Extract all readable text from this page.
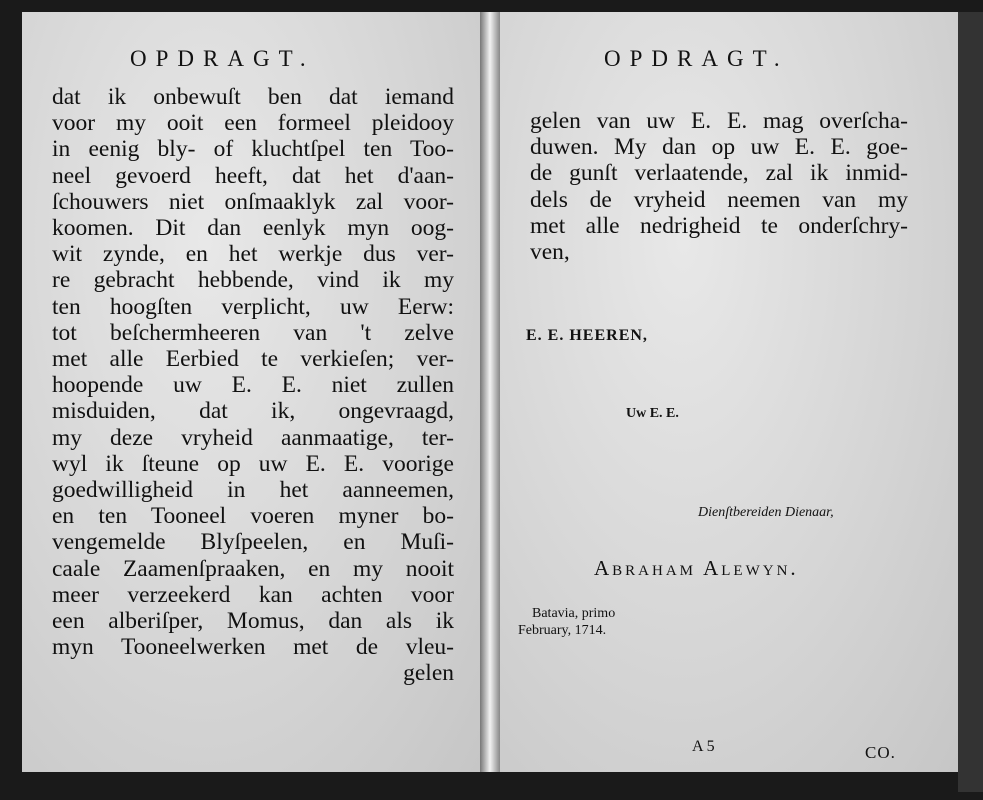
OPDRAGT.
dat ik onbewuſt ben dat iemand
voor my ooit een formeel pleidooy
in eenig bly- of kluchtſpel ten Too-
neel gevoerd heeft, dat het d'aan-
ſchouwers niet onſmaaklyk zal voor-
koomen. Dit dan eenlyk myn oog-
wit zynde, en het werkje dus ver-
re gebracht hebbende, vind ik my
ten hoogſten verplicht, uw Eerw:
tot beſchermheeren van 't zelve
met alle Eerbied te verkieſen; ver-
hoopende uw E. E. niet zullen
misduiden, dat ik, ongevraagd,
my deze vryheid aanmaatige, ter-
wyl ik ſteune op uw E. E. voorige
goedwilligheid in het aanneemen,
en ten Tooneel voeren myner bo-
vengemelde Blyſpeelen, en Muſi-
caale Zaamenſpraaken, en my nooit
meer verzeekerd kan achten voor
een alberiſper, Momus, dan als ik
myn Tooneelwerken met de vleu-
gelen
OPDRAGT.
gelen van uw E. E. mag overſcha-
duwen. My dan op uw E. E. goe-
de gunſt verlaatende, zal ik inmid-
dels de vryheid neemen van my
met alle nedrigheid te onderſchry-
ven,
E. E. HEEREN,
Uw E. E.
Dienſtbereiden Dienaar,
Abraham Alewyn.
Batavia, primo
February, 1714.
A 5	CO.
